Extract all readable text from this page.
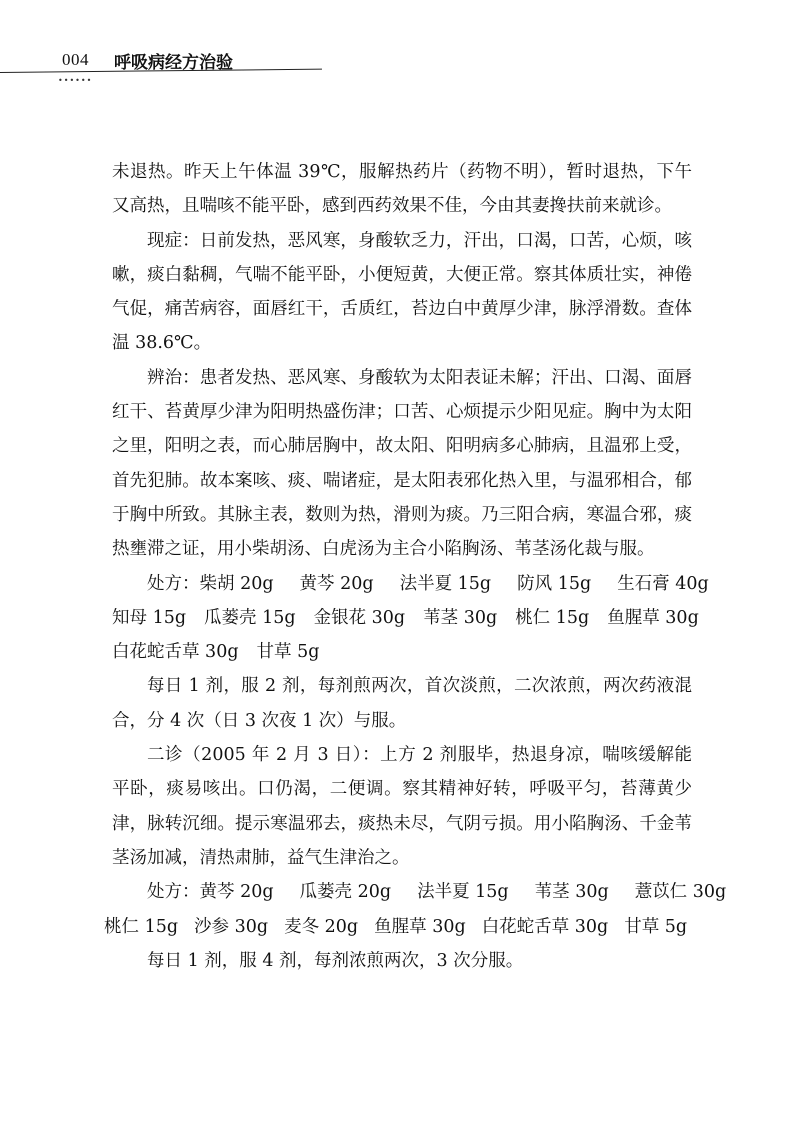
004 呼吸病经方治验
••••••

未退热。昨天上午体温 39℃，服解热药片（药物不明），暂时退热，下午又高热，且喘咳不能平卧，感到西药效果不佳，今由其妻搀扶前来就诊。

现症：日前发热，恶风寒，身酸软乏力，汗出，口渴，口苦，心烦，咳嗽，痰白黏稠，气喘不能平卧，小便短黄，大便正常。察其体质壮实，神倦气促，痛苦病容，面唇红干，舌质红，苔边白中黄厚少津，脉浮滑数。查体温 38.6℃。

辨治：患者发热、恶风寒、身酸软为太阳表证未解；汗出、口渴、面唇红干、苔黄厚少津为阳明热盛伤津；口苦、心烦提示少阳见症。胸中为太阳之里，阳明之表，而心肺居胸中，故太阳、阳明病多心肺病，且温邪上受，首先犯肺。故本案咳、痰、喘诸症，是太阳表邪化热入里，与温邪相合，郁于胸中所致。其脉主表，数则为热，滑则为痰。乃三阳合病，寒温合邪，痰热壅滞之证，用小柴胡汤、白虎汤为主合小陷胸汤、苇茎汤化裁与服。

处方：柴胡 20g 黄芩 20g 法半夏 15g 防风 15g 生石膏 40g
知母 15g 瓜蒌壳 15g 金银花 30g 苇茎 30g 桃仁 15g 鱼腥草 30g
白花蛇舌草 30g 甘草 5g

每日 1 剂，服 2 剂，每剂煎两次，首次淡煎，二次浓煎，两次药液混合，分 4 次（日 3 次夜 1 次）与服。

二诊（2005 年 2 月 3 日）：上方 2 剂服毕，热退身凉，喘咳缓解能平卧，痰易咳出。口仍渴，二便调。察其精神好转，呼吸平匀，苔薄黄少津，脉转沉细。提示寒温邪去，痰热未尽，气阴亏损。用小陷胸汤、千金苇茎汤加减，清热肃肺，益气生津治之。

处方：黄芩 20g 瓜蒌壳 20g 法半夏 15g 苇茎 30g 薏苡仁 30g
桃仁 15g 沙参 30g 麦冬 20g 鱼腥草 30g 白花蛇舌草 30g 甘草 5g

每日 1 剂，服 4 剂，每剂浓煎两次，3 次分服。
